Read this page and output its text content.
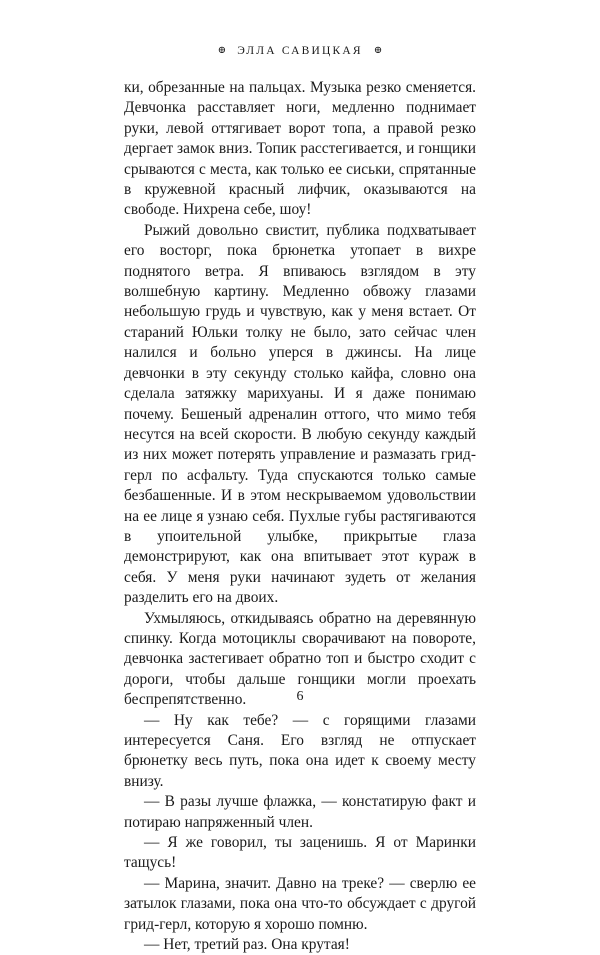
⊕ ЭЛЛА САВИЦКАЯ ⊕

ки, обрезанные на пальцах. Музыка резко сменяется. Девчонка расставляет ноги, медленно поднимает руки, левой оттягивает ворот топа, а правой резко дергает замок вниз. Топик расстегивается, и гонщики срываются с места, как только ее сиськи, спрятанные в кружевной красный лифчик, оказываются на свободе. Нихрена себе, шоу!

Рыжий довольно свистит, публика подхватывает его восторг, пока брюнетка утопает в вихре поднятого ветра. Я впиваюсь взглядом в эту волшебную картину. Медленно обвожу глазами небольшую грудь и чувствую, как у меня встает. От стараний Юльки толку не было, зато сейчас член налился и больно уперся в джинсы. На лице девчонки в эту секунду столько кайфа, словно она сделала затяжку марихуаны. И я даже понимаю почему. Бешеный адреналин оттого, что мимо тебя несутся на всей скорости. В любую секунду каждый из них может потерять управление и размазать грид-герл по асфальту. Туда спускаются только самые безбашенные. И в этом нескрываемом удовольствии на ее лице я узнаю себя. Пухлые губы растягиваются в упоительной улыбке, прикрытые глаза демонстрируют, как она впитывает этот кураж в себя. У меня руки начинают зудеть от желания разделить его на двоих.

Ухмыляюсь, откидываясь обратно на деревянную спинку. Когда мотоциклы сворачивают на повороте, девчонка застегивает обратно топ и быстро сходит с дороги, чтобы дальше гонщики могли проехать беспрепятственно.

— Ну как тебе? — с горящими глазами интересуется Саня. Его взгляд не отпускает брюнетку весь путь, пока она идет к своему месту внизу.

— В разы лучше флажка, — констатирую факт и потираю напряженный член.

— Я же говорил, ты заценишь. Я от Маринки тащусь!

— Марина, значит. Давно на треке? — сверлю ее затылок глазами, пока она что-то обсуждает с другой грид-герл, которую я хорошо помню.

— Нет, третий раз. Она крутая!

6
